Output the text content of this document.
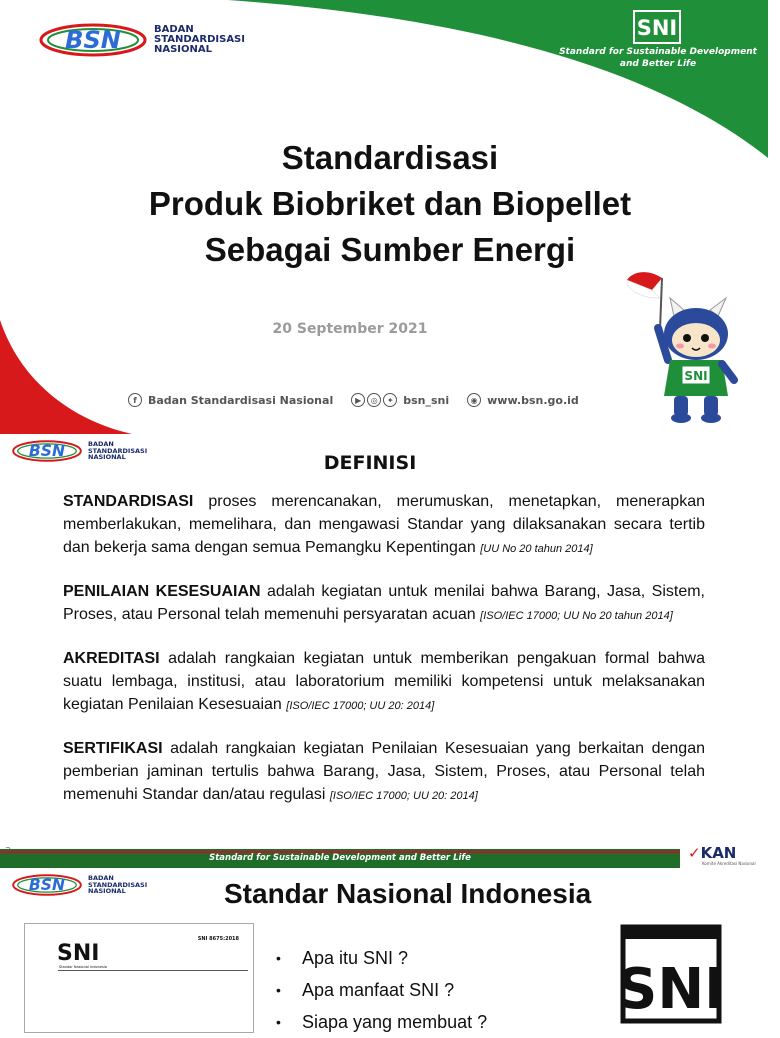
BSN	BADAN
STANDARDISASI
NASIONAL
SNI
Standard for Sustainable Development
and Better Life
Standardisasi
Produk Biobriket dan Biopellet
Sebagai Sumber Energi
20 September 2021
f	Badan Standardisasi Nasional	▶	◎	✦ bsn_sni	◉ www.bsn.go.id
SNI
BSN	BADAN
STANDARDISASI
NASIONAL	DEFINISI

STANDARDISASI proses merencanakan, merumuskan, menetapkan, menerapkan memberlakukan, memelihara, dan mengawasi Standar yang dilaksanakan secara tertib dan bekerja sama dengan semua Pemangku Kepentingan [UU No 20 tahun 2014]

PENILAIAN KESESUAIAN adalah kegiatan untuk menilai bahwa Barang, Jasa, Sistem, Proses, atau Personal telah memenuhi persyaratan acuan [ISO/IEC 17000; UU No 20 tahun 2014]

AKREDITASI adalah rangkaian kegiatan untuk memberikan pengakuan formal bahwa suatu lembaga, institusi, atau laboratorium memiliki kompetensi untuk melaksanakan kegiatan Penilaian Kesesuaian [ISO/IEC 17000; UU 20: 2014]

SERTIFIKASI adalah rangkaian kegiatan Penilaian Kesesuaian yang berkaitan dengan pemberian jaminan tertulis bahwa Barang, Jasa, Sistem, Proses, atau Personal telah memenuhi Standar dan/atau regulasi [ISO/IEC 17000; UU 20: 2014]

Standard for Sustainable Development and Better Life	✓KAN
Komite Akreditasi Nasional
BSN	BADAN
STANDARDISASI
NASIONAL	Standar Nasional Indonesia
SNI
SNI 8675:2018
Standar Nasional Indonesia
•	Apa itu SNI ?
•	Apa manfaat SNI ?
•	Siapa yang membuat ? SNI
